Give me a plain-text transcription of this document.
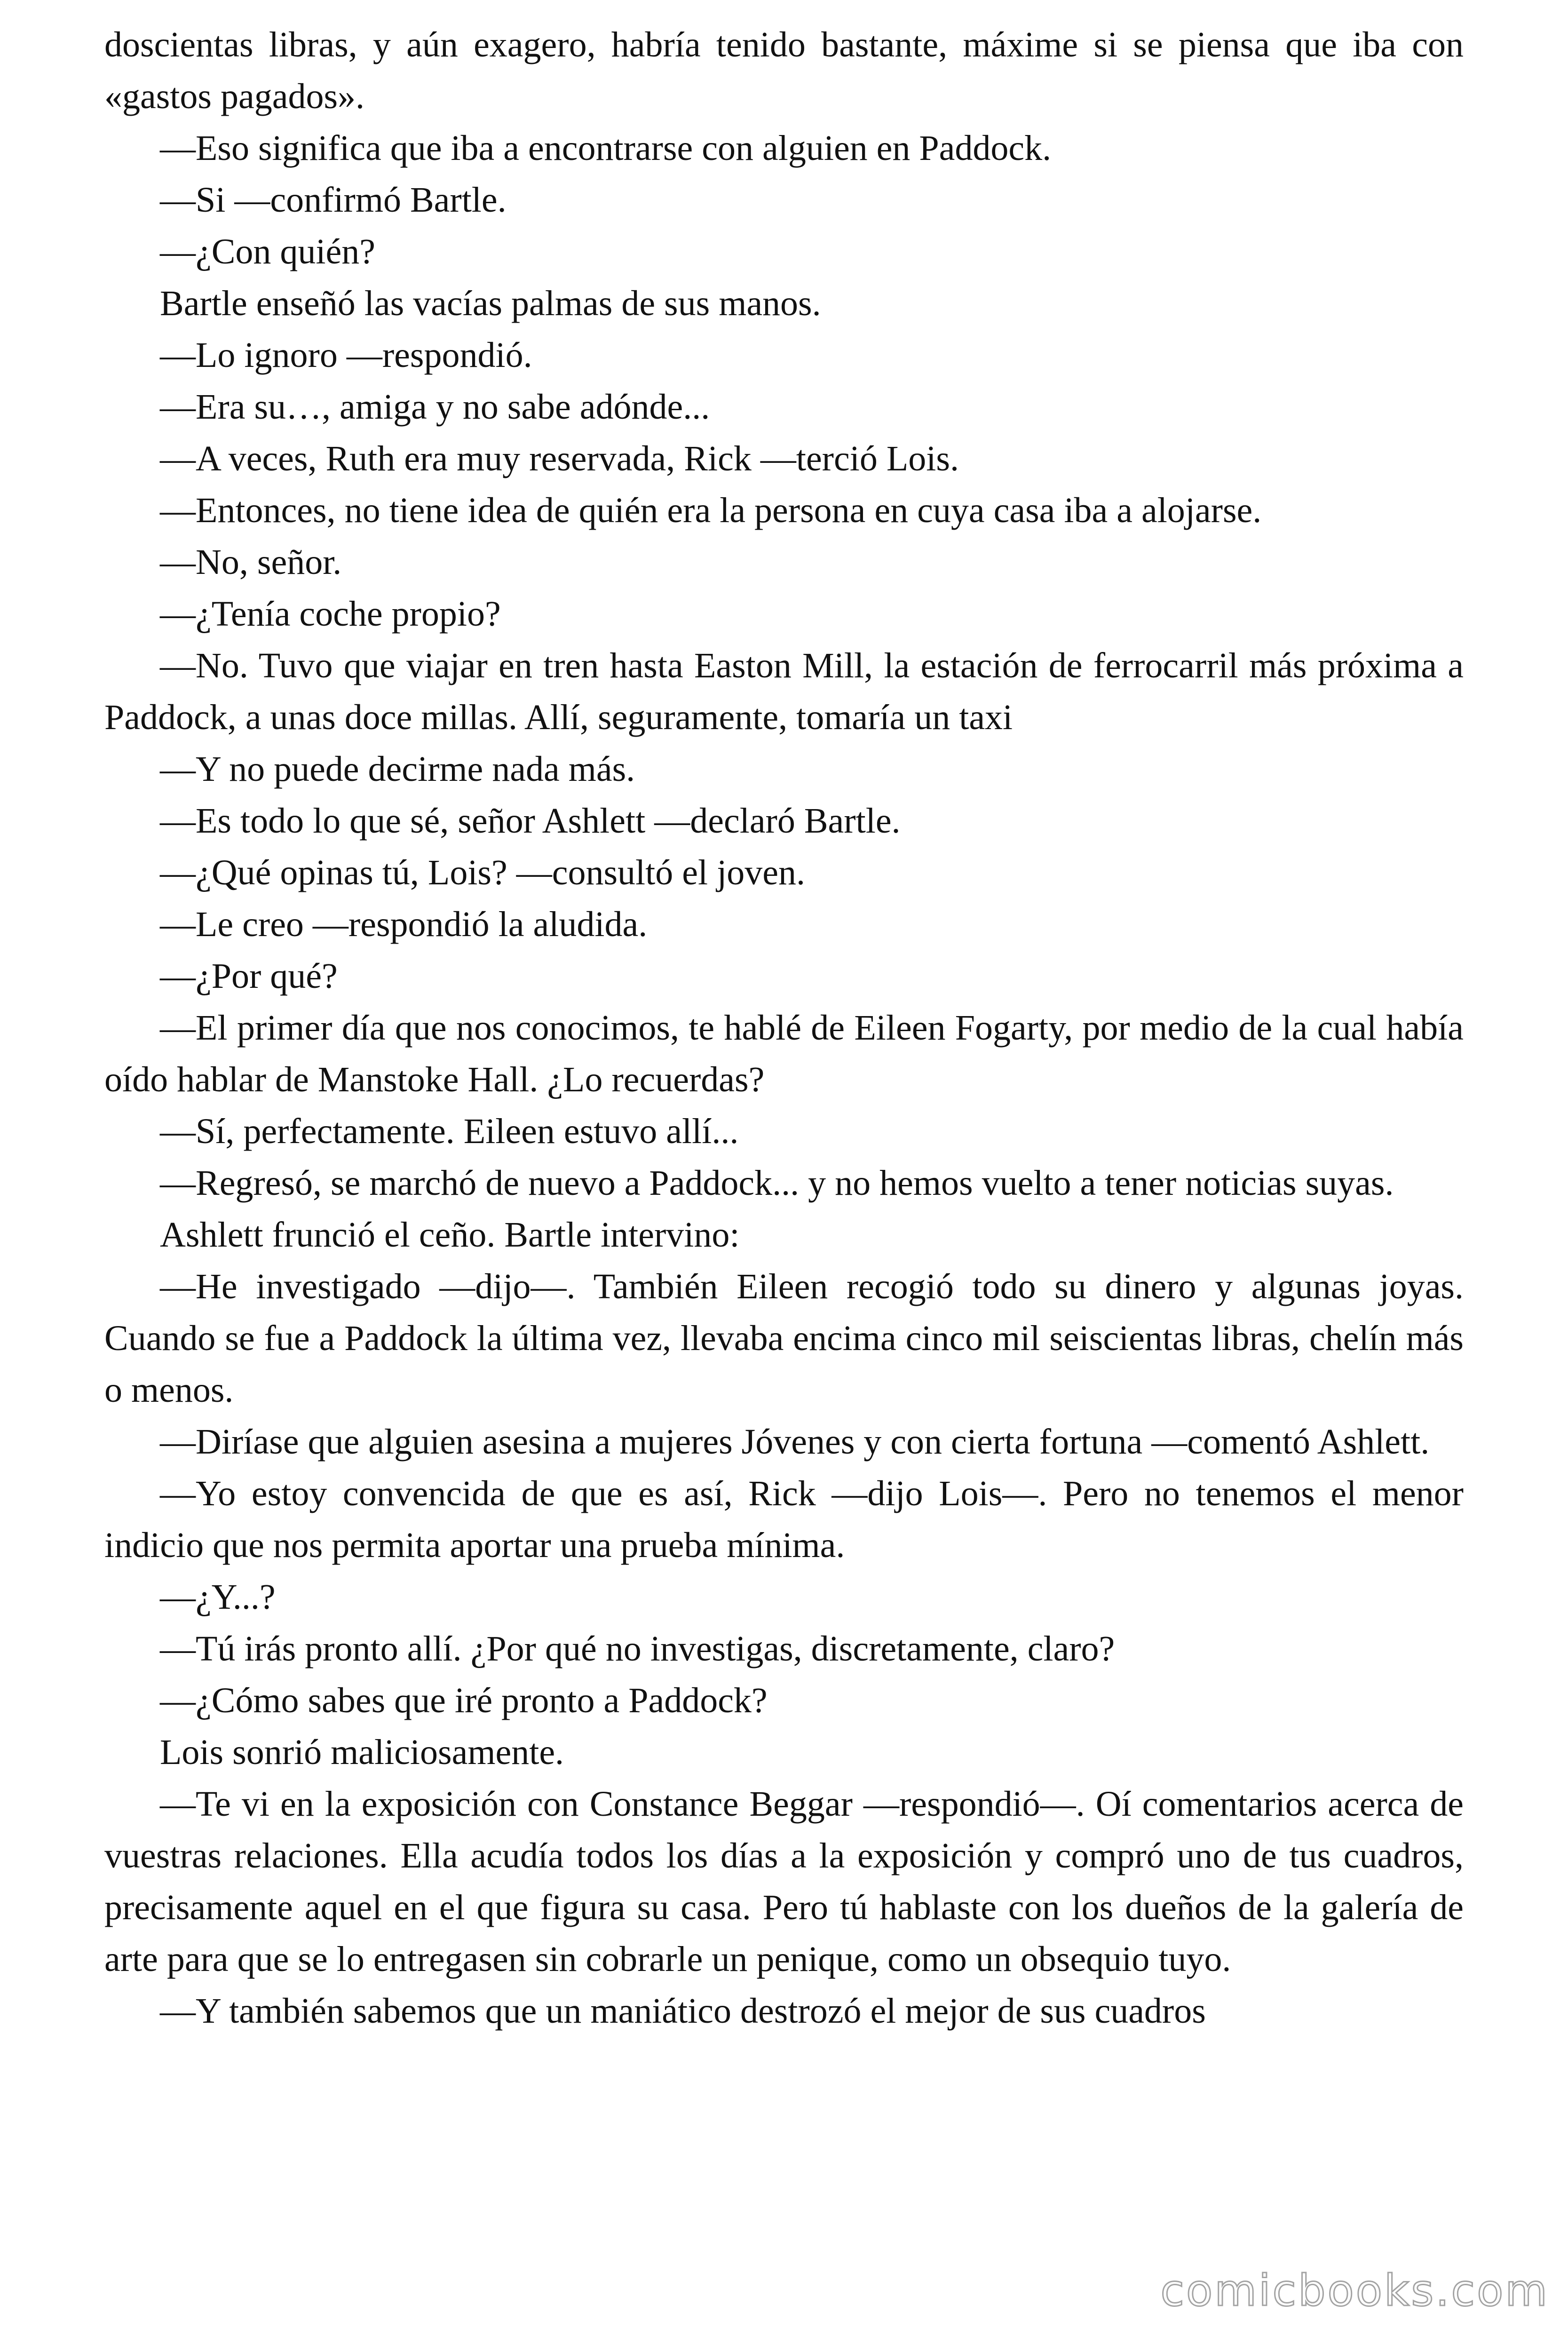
doscientas libras, y aún exagero, habría tenido bastante, máxime si se piensa que iba con «gastos pagados».

—Eso significa que iba a encontrarse con alguien en Paddock.

—Si —confirmó Bartle.

—¿Con quién?

Bartle enseñó las vacías palmas de sus manos.

—Lo ignoro —respondió.

—Era su…, amiga y no sabe adónde...

—A veces, Ruth era muy reservada, Rick —terció Lois.

—Entonces, no tiene idea de quién era la persona en cuya casa iba a alojarse.

—No, señor.

—¿Tenía coche propio?

—No. Tuvo que viajar en tren hasta Easton Mill, la estación de ferrocarril más próxima a Paddock, a unas doce millas. Allí, seguramente, tomaría un taxi

—Y no puede decirme nada más.

—Es todo lo que sé, señor Ashlett —declaró Bartle.

—¿Qué opinas tú, Lois? —consultó el joven.

—Le creo —respondió la aludida.

—¿Por qué?

—El primer día que nos conocimos, te hablé de Eileen Fogarty, por medio de la cual había oído hablar de Manstoke Hall. ¿Lo recuerdas?

—Sí, perfectamente. Eileen estuvo allí...

—Regresó, se marchó de nuevo a Paddock... y no hemos vuelto a tener noticias suyas.

Ashlett frunció el ceño. Bartle intervino:

—He investigado —dijo—. También Eileen recogió todo su dinero y algunas joyas. Cuando se fue a Paddock la última vez, llevaba encima cinco mil seiscientas libras, chelín más o menos.

—Diríase que alguien asesina a mujeres Jóvenes y con cierta fortuna —comentó Ashlett.

—Yo estoy convencida de que es así, Rick —dijo Lois—. Pero no tenemos el menor indicio que nos permita aportar una prueba mínima.

—¿Y...?

—Tú irás pronto allí. ¿Por qué no investigas, discretamente, claro?

—¿Cómo sabes que iré pronto a Paddock?

Lois sonrió maliciosamente.

—Te vi en la exposición con Constance Beggar —respondió—. Oí comentarios acerca de vuestras relaciones. Ella acudía todos los días a la exposición y compró uno de tus cuadros, precisamente aquel en el que figura su casa. Pero tú hablaste con los dueños de la galería de arte para que se lo entregasen sin cobrarle un penique, como un obsequio tuyo.

—Y también sabemos que un maniático destrozó el mejor de sus cuadros

comicbooks.com
